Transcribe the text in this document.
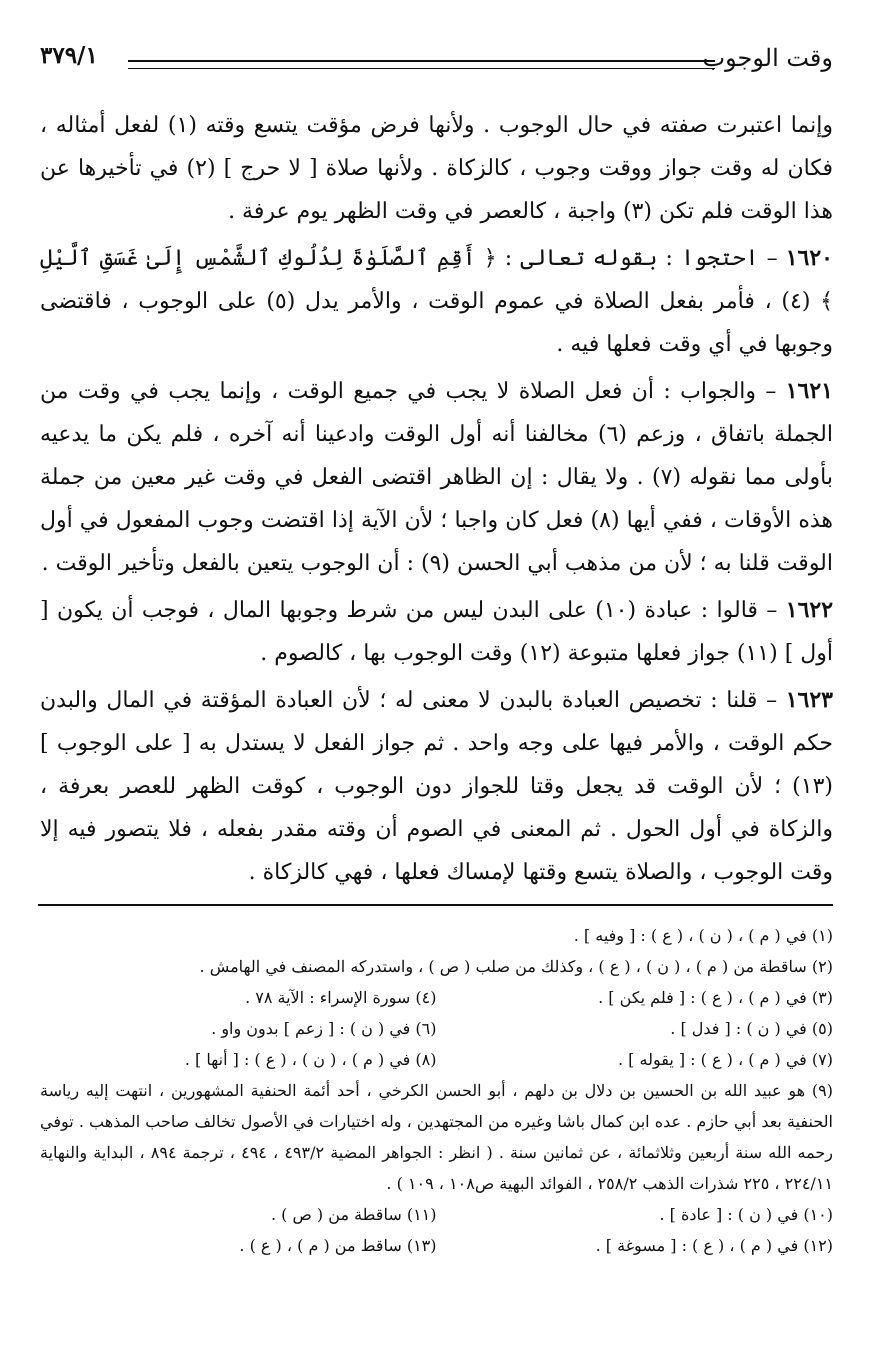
وقت الوجوب
٣٧٩/١

وإنما اعتبرت صفته في حال الوجوب . ولأنها فرض مؤقت يتسع وقته (١) لفعل أمثاله ، فكان له وقت جواز ووقت وجوب ، كالزكاة . ولأنها صلاة [ لا حرج ] (٢) في تأخيرها عن هذا الوقت فلم تكن (٣) واجبة ، كالعصر في وقت الظهر يوم عرفة .

١٦٢٠ – احتجوا : بقوله تعالى : ﴿ أَقِمِ ٱلصَّلَوٰةَ لِدُلُوكِ ٱلشَّمْسِ إِلَىٰ غَسَقِ ٱلَّيْلِ ﴾ (٤) ، فأمر بفعل الصلاة في عموم الوقت ، والأمر يدل (٥) على الوجوب ، فاقتضى وجوبها في أي وقت فعلها فيه .

١٦٢١ – والجواب : أن فعل الصلاة لا يجب في جميع الوقت ، وإنما يجب في وقت من الجملة باتفاق ، وزعم (٦) مخالفنا أنه أول الوقت وادعينا أنه آخره ، فلم يكن ما يدعيه بأولى مما نقوله (٧) . ولا يقال : إن الظاهر اقتضى الفعل في وقت غير معين من جملة هذه الأوقات ، ففي أيها (٨) فعل كان واجبا ؛ لأن الآية إذا اقتضت وجوب المفعول في أول الوقت قلنا به ؛ لأن من مذهب أبي الحسن (٩) : أن الوجوب يتعين بالفعل وتأخير الوقت .

١٦٢٢ – قالوا : عبادة (١٠) على البدن ليس من شرط وجوبها المال ، فوجب أن يكون [ أول ] (١١) جواز فعلها متبوعة (١٢) وقت الوجوب بها ، كالصوم .

١٦٢٣ – قلنا : تخصيص العبادة بالبدن لا معنى له ؛ لأن العبادة المؤقتة في المال والبدن حكم الوقت ، والأمر فيها على وجه واحد . ثم جواز الفعل لا يستدل به [ على الوجوب ] (١٣) ؛ لأن الوقت قد يجعل وقتا للجواز دون الوجوب ، كوقت الظهر للعصر بعرفة ، والزكاة في أول الحول . ثم المعنى في الصوم أن وقته مقدر بفعله ، فلا يتصور فيه إلا وقت الوجوب ، والصلاة يتسع وقتها لإمساك فعلها ، فهي كالزكاة .

(١) في ( م ) ، ( ن ) ، ( ع ) : [ وفيه ] .
(٢) ساقطة من ( م ) ، ( ن ) ، ( ع ) ، وكذلك من صلب ( ص ) ، واستدركه المصنف في الهامش .
(٣) في ( م ) ، ( ع ) : [ فلم يكن ] .
(٤) سورة الإسراء : الآية ٧٨ .
(٥) في ( ن ) : [ فدل ] .
(٦) في ( ن ) : [ زعم ] بدون واو .
(٧) في ( م ) ، ( ع ) : [ يقوله ] .
(٨) في ( م ) ، ( ن ) ، ( ع ) : [ أنها ] .
(٩) هو عبيد الله بن الحسين بن دلال بن دلهم ، أبو الحسن الكرخي ، أحد أئمة الحنفية المشهورين ، انتهت إليه رياسة الحنفية بعد أبي حازم . عده ابن كمال باشا وغيره من المجتهدين ، وله اختيارات في الأصول تخالف صاحب المذهب . توفي رحمه الله سنة أربعين وثلاثمائة ، عن ثمانين سنة . ( انظر : الجواهر المضية ٤٩٣/٢ ، ٤٩٤ ، ترجمة ٨٩٤ ، البداية والنهاية ٢٢٤/١١ ، ٢٢٥ شذرات الذهب ٢٥٨/٢ ، الفوائد البهية ص١٠٨ ، ١٠٩ ) .
(١٠) في ( ن ) : [ عادة ] .
(١١) ساقطة من ( ص ) .
(١٢) في ( م ) ، ( ع ) : [ مسوغة ] .
(١٣) ساقط من ( م ) ، ( ع ) .
